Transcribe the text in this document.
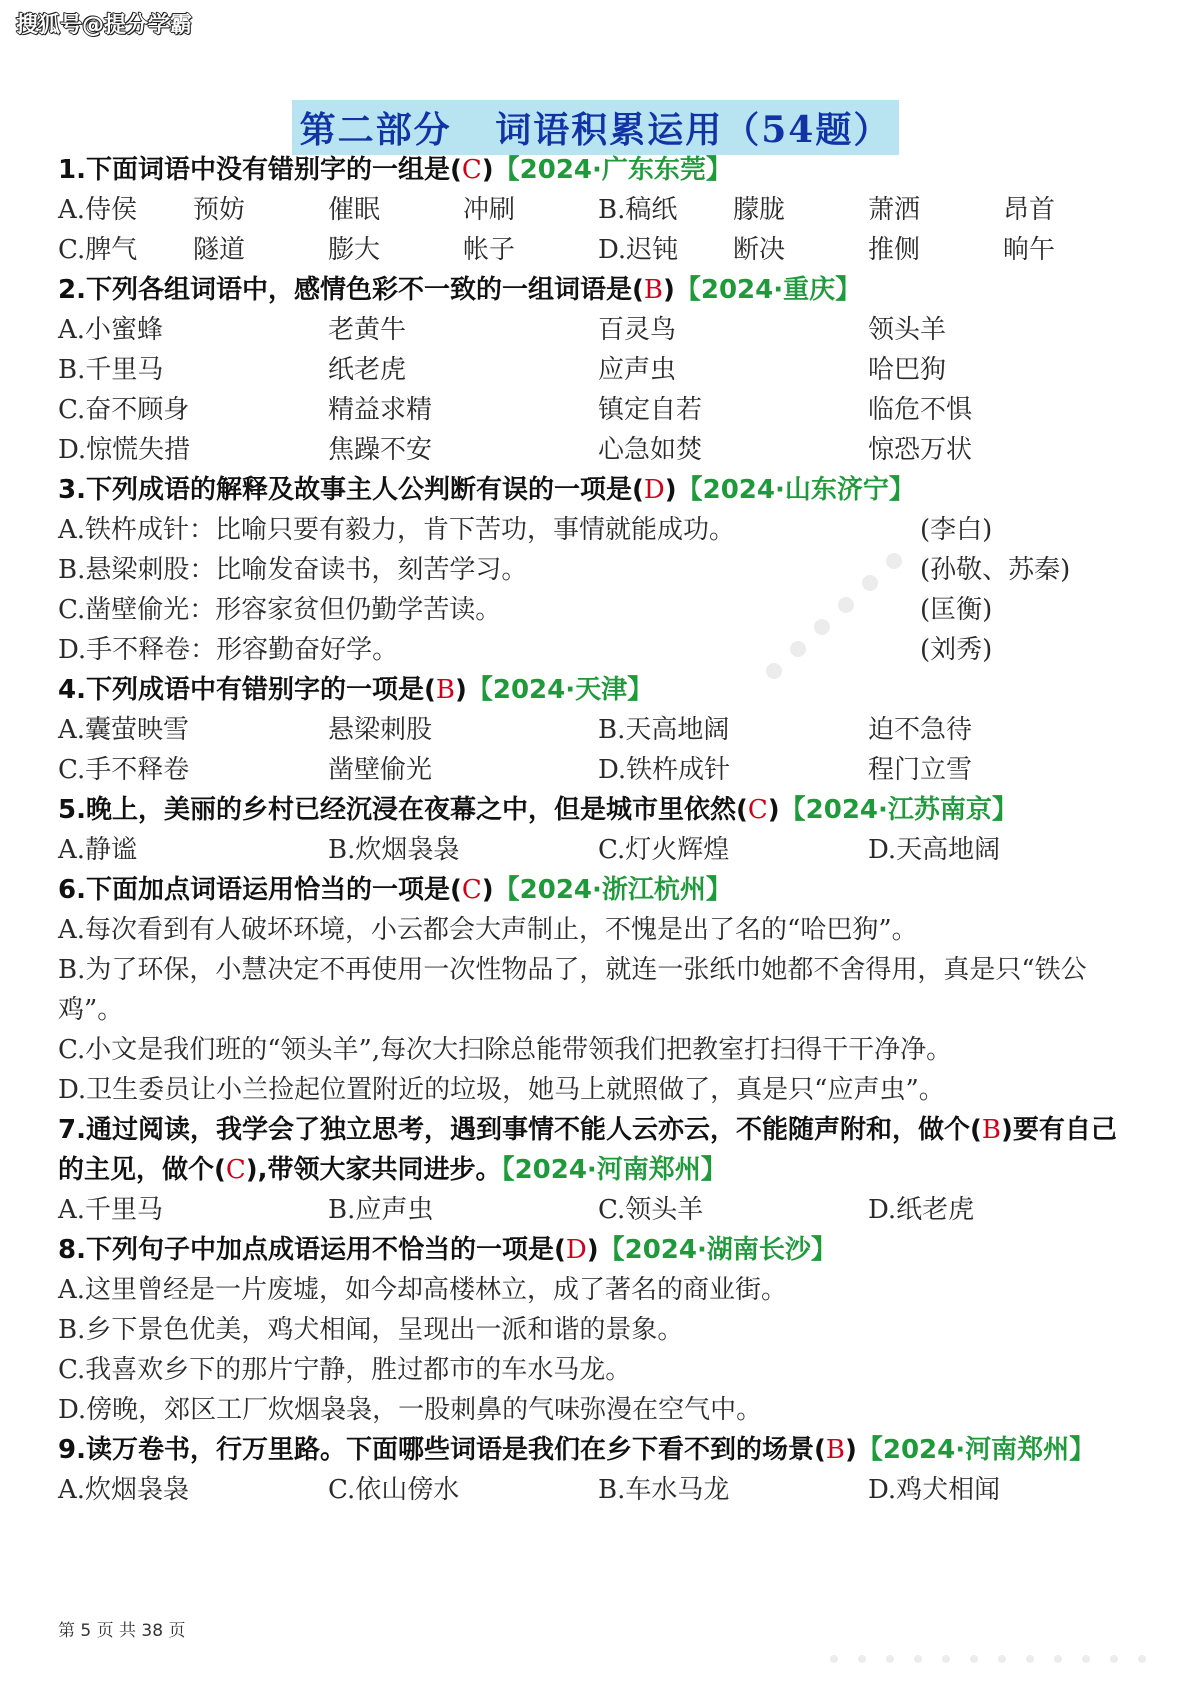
搜狐号@提分学霸
第二部分   词语积累运用（54题）
1.下面词语中没有错别字的一组是(C)【2024·广东东莞】
A.侍侯	预妨	催眠	冲刷	B.稿纸	朦胧	萧洒	昂首
C.脾气	隧道	膨大	帐子	D.迟钝	断决	推侧	晌午
2.下列各组词语中，感情色彩不一致的一组词语是(B)【2024·重庆】
A.小蜜蜂	老黄牛	百灵鸟	领头羊
B.千里马	纸老虎	应声虫	哈巴狗
C.奋不顾身	精益求精	镇定自若	临危不惧
D.惊慌失措	焦躁不安	心急如焚	惊恐万状
3.下列成语的解释及故事主人公判断有误的一项是(D)【2024·山东济宁】
A.铁杵成针：比喻只要有毅力，肯下苦功，事情就能成功。	(李白)
B.悬梁刺股：比喻发奋读书，刻苦学习。	(孙敬、苏秦)
C.凿壁偷光：形容家贫但仍勤学苦读。	(匡衡)
D.手不释卷：形容勤奋好学。	(刘秀)
4.下列成语中有错别字的一项是(B)【2024·天津】
A.囊萤映雪	悬梁刺股	B.天高地阔	迫不急待
C.手不释卷	凿壁偷光	D.铁杵成针	程门立雪
5.晚上，美丽的乡村已经沉浸在夜幕之中，但是城市里依然(C)【2024·江苏南京】
A.静谧	B.炊烟袅袅	C.灯火辉煌	D.天高地阔
6.下面加点词语运用恰当的一项是(C)【2024·浙江杭州】
A.每次看到有人破坏环境，小云都会大声制止，不愧是出了名的“哈巴狗”。
B.为了环保，小慧决定不再使用一次性物品了，就连一张纸巾她都不舍得用，真是只“铁公鸡”。
C.小文是我们班的“领头羊”,每次大扫除总能带领我们把教室打扫得干干净净。
D.卫生委员让小兰捡起位置附近的垃圾，她马上就照做了，真是只“应声虫”。
7.通过阅读，我学会了独立思考，遇到事情不能人云亦云，不能随声附和，做个(B)要有自己的主见，做个(C),带领大家共同进步。【2024·河南郑州】
A.千里马	B.应声虫	C.领头羊	D.纸老虎
8.下列句子中加点成语运用不恰当的一项是(D)【2024·湖南长沙】
A.这里曾经是一片废墟，如今却高楼林立，成了著名的商业街。
B.乡下景色优美，鸡犬相闻，呈现出一派和谐的景象。
C.我喜欢乡下的那片宁静，胜过都市的车水马龙。
D.傍晚，郊区工厂炊烟袅袅，一股刺鼻的气味弥漫在空气中。
9.读万卷书，行万里路。下面哪些词语是我们在乡下看不到的场景(B)【2024·河南郑州】
A.炊烟袅袅	C.依山傍水	B.车水马龙	D.鸡犬相闻
第 5 页 共 38 页
